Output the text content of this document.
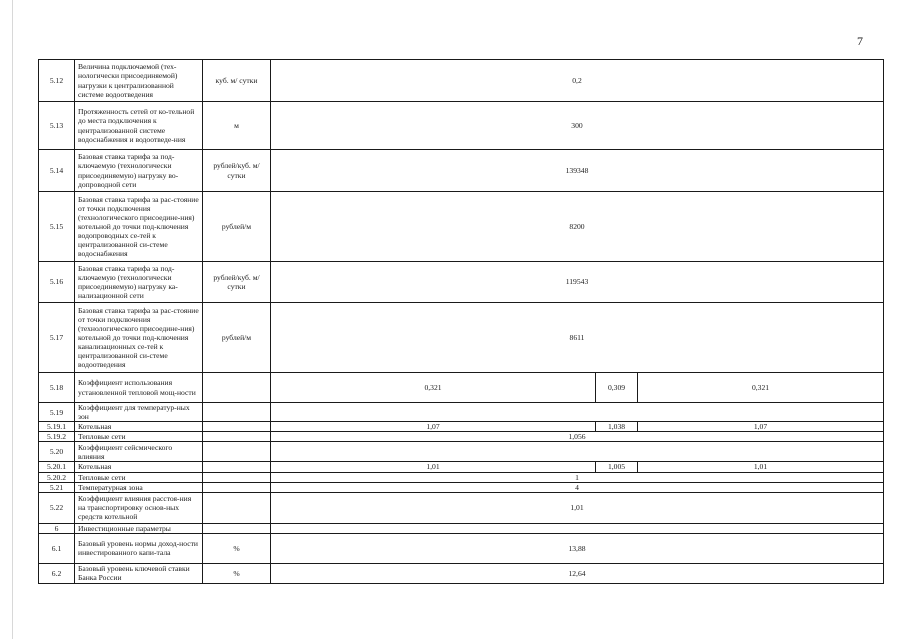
7
5.12	Величина подключаемой (тех-нологически присоединяемой) нагрузки к централизованной системе водоотведения	куб. м/ сутки	0,2		
5.13	Протяженность сетей от ко-тельной до места подключения к централизованной системе водоснабжения и водоотведе-ния	м	300		
5.14	Базовая ставка тарифа за под-ключаемую (технологически присоединяемую) нагрузку во-допроводной сети	рублей/куб. м/сутки	139348		
5.15	Базовая ставка тарифа за рас-стояние от точки подключения (технологического присоедине-ния) котельной до точки под-ключения водопроводных се-тей к централизованной си-стеме водоснабжения	рублей/м	8200		
5.16	Базовая ставка тарифа за под-ключаемую (технологически присоединяемую) нагрузку ка-нализационной сети	рублей/куб. м/сутки	119543		
5.17	Базовая ставка тарифа за рас-стояние от точки подключения (технологического присоедине-ния) котельной до точки под-ключения канализационных се-тей к централизованной си-стеме водоотведения	рублей/м	8611		
5.18	Коэффициент использования установленной тепловой мощ-ности		0,321	0,309	0,321
5.19	Коэффициент для температур-ных зон				
5.19.1	Котельная		1,07	1,038	1,07
5.19.2	Тепловые сети		1,056		
5.20	Коэффициент сейсмического влияния				
5.20.1	Котельная		1,01	1,005	1,01
5.20.2	Тепловые сети		1		
5.21	Температурная зона		4		
5.22	Коэффициент влияния расстоя-ния на транспортировку основ-ных средств котельной		1,01		
6	Инвестиционные параметры				
6.1	Базовый уровень нормы доход-ности инвестированного капи-тала	%	13,88		
6.2	Базовый уровень ключевой ставки Банка России	%	12,64		
